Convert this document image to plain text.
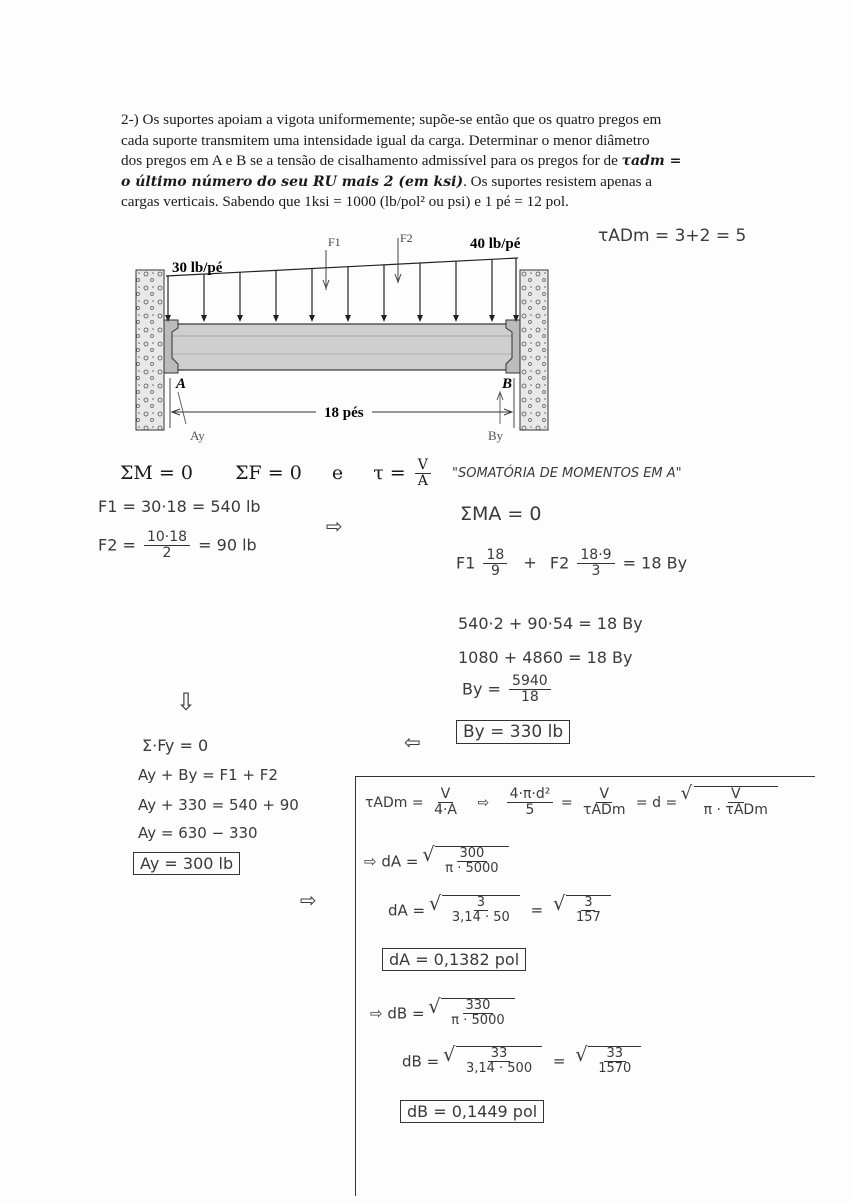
2-) Os suportes apoiam a vigota uniformemente; supõe-se então que os quatro pregos em
cada suporte transmitem uma intensidade igual da carga. Determinar o menor diâmetro
dos pregos em A e B se a tensão de cisalhamento admissível para os pregos for de τadm =
o último número do seu RU mais 2 (em ksi). Os suportes resistem apenas a
cargas verticais. Sabendo que 1ksi = 1000 (lb/pol² ou psi) e 1 pé = 12 pol.
τADm = 3+2 = 5
30 lb/pé
40 lb/pé
F1	F2
A	B
18 pés
Ay	By
ΣM = 0 ΣF = 0 e $\tau = \frac{V}{A}$
F1 = 30·18 = 540 lb
$F2 = \frac{10\cdot 18}{2} = 90$ lb
⇨
"SOMATÓRIA DE MOMENTOS EM A"
ΣMA = 0
$F1 \frac{18}{9} + F2 \frac{18\cdot 9}{3} = 18$ By
540·2 + 90·54 = 18 By
1080 + 4860 = 18 By
$By = \frac{5940}{18}$
By = 330 lb
⇦
⇩
Σ·Fy = 0
Ay + By = F1 + F2
Ay + 330 = 540 + 90
Ay = 630 − 330
Ay = 300 lb
⇨
$\tau ADm = \frac{V}{4\cdot A}$ ⇨ $\frac{\text{4·π·d²}}{5} = \frac{V}{\text{τADm}} = d$ = √ $\frac{V}{\text{π · τADm}}$
⇨ dA = √ $\frac{300}{\pi \cdot 5000}$
dA = √ $\frac{3}{3,14 \cdot 50}$ = √ $\frac{3}{157}$
dA = 0,1382 pol
⇨ dB = √ $\frac{330}{\pi \cdot 5000}$
dB = √ $\frac{33}{3,14 \cdot 500}$ = √ $\frac{33}{1570}$
dB = 0,1449 pol
